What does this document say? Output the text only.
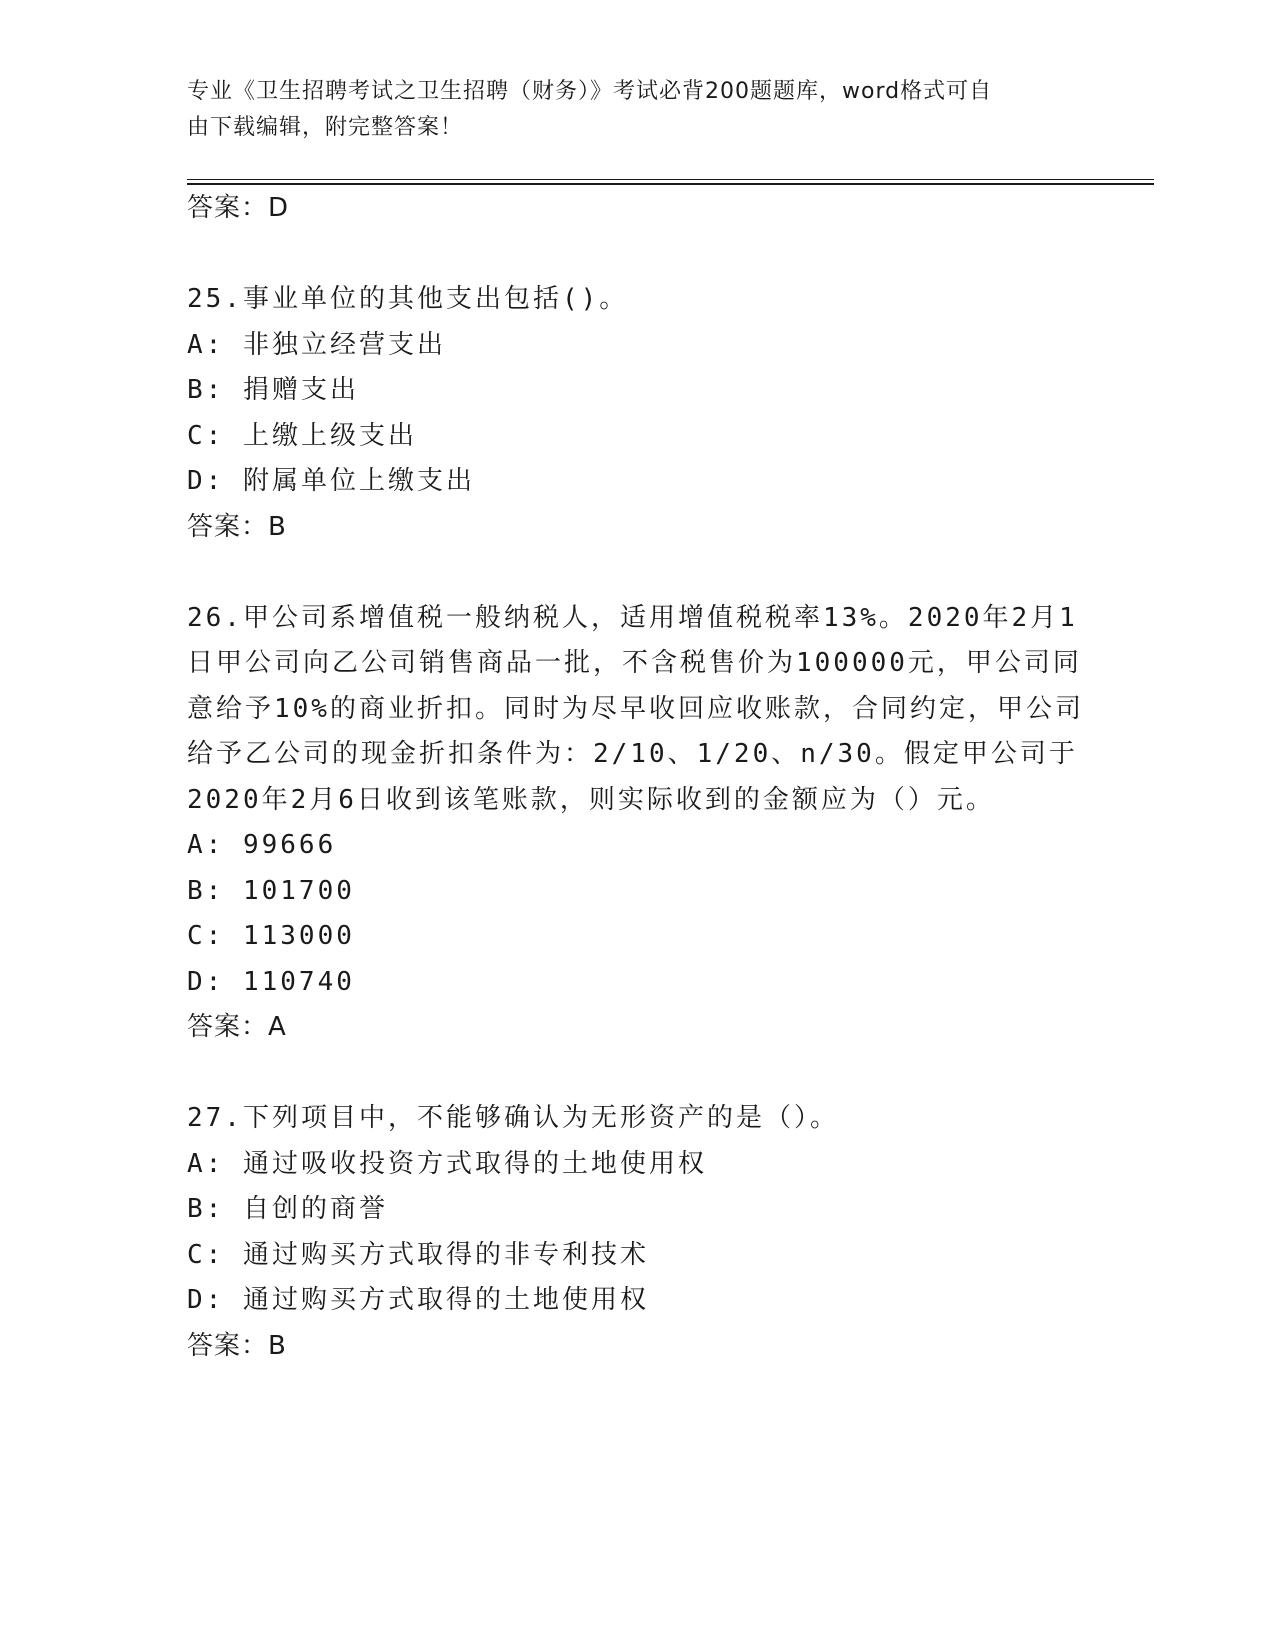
专业《卫生招聘考试之卫生招聘（财务）》考试必背200题题库，word格式可自
由下载编辑，附完整答案！
答案：D
25.事业单位的其他支出包括()。
A: 非独立经营支出
B: 捐赠支出
C: 上缴上级支出
D: 附属单位上缴支出
答案：B
26.甲公司系增值税一般纳税人，适用增值税税率13%。2020年2月1
日甲公司向乙公司销售商品一批，不含税售价为100000元，甲公司同
意给予10%的商业折扣。同时为尽早收回应收账款，合同约定，甲公司
给予乙公司的现金折扣条件为：2/10、1/20、n/30。假定甲公司于
2020年2月6日收到该笔账款，则实际收到的金额应为（）元。
A: 99666
B: 101700
C: 113000
D: 110740
答案：A
27.下列项目中，不能够确认为无形资产的是（）。
A: 通过吸收投资方式取得的土地使用权
B: 自创的商誉
C: 通过购买方式取得的非专利技术
D: 通过购买方式取得的土地使用权
答案：B
